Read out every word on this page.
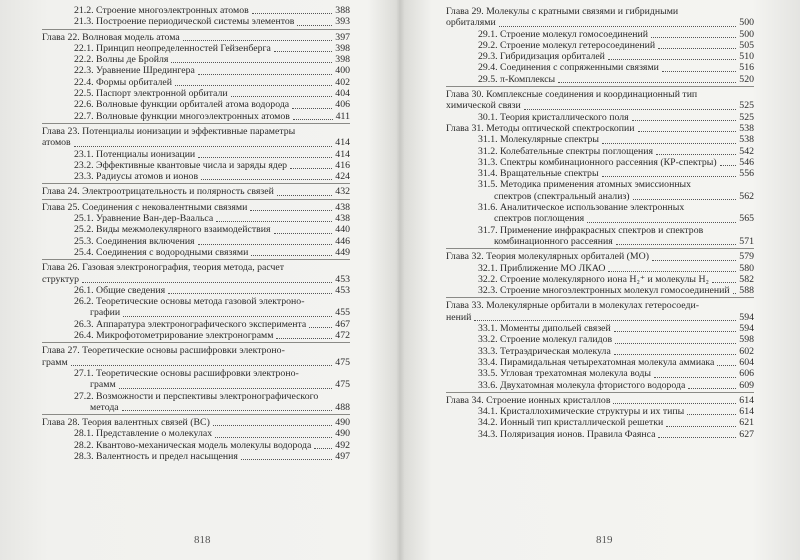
21.2. Строение многоэлектронных атомов	388
21.3. Построение периодической системы элементов	393
Глава 22. Волновая модель атома	397
22.1. Принцип неопределенностей Гейзенберга	398
22.2. Волны де Бройля	398
22.3. Уравнение Шредингера	400
22.4. Формы орбиталей	402
22.5. Паспорт электронной орбитали	404
22.6. Волновые функции орбиталей атома водорода	406
22.7. Волновые функции многоэлектронных атомов	411
Глава 23. Потенциалы ионизации и эффективные параметры
атомов	414
23.1. Потенциалы ионизации	414
23.2. Эффективные квантовые числа и заряды ядер	416
23.3. Радиусы атомов и ионов	424
Глава 24. Электроотрицательность и полярность связей	432
Глава 25. Соединения с нековалентными связями	438
25.1. Уравнение Ван-дер-Ваальса	438
25.2. Виды межмолекулярного взаимодействия	440
25.3. Соединения включения	446
25.4. Соединения с водородными связями	449
Глава 26. Газовая электронография, теория метода, расчет
структур	453
26.1. Общие сведения	453
26.2. Теоретические основы метода газовой электроно-
графии	455
26.3. Аппаратура электронографического эксперимента	467
26.4. Микрофотометрирование электронограмм	472
Глава 27. Теоретические основы расшифровки электроно-
грамм	475
27.1. Теоретические основы расшифровки электроно-
грамм	475
27.2. Возможности и перспективы электронографического
метода	488
Глава 28. Теория валентных связей (ВС)	490
28.1. Представление о молекулах	490
28.2. Квантово-механическая модель молекулы водорода 492
28.3. Валентность и предел насыщения	497
818
Глава 29. Молекулы с кратными связями и гибридными
орбиталями	500
29.1. Строение молекул гомосоединений	500
29.2. Строение молекул гетеросоединений	505
29.3. Гибридизация орбиталей	510
29.4. Соединения с сопряженными связями	516
29.5. π-Комплексы	520
Глава 30. Комплексные соединения и координационный тип
химической связи	525
30.1. Теория кристаллического поля	525
Глава 31. Методы оптической спектроскопии	538
31.1. Молекулярные спектры	538
31.2. Колебательные спектры поглощения	542
31.3. Спектры комбинационного рассеяния (КР-спектры) 546
31.4. Вращательные спектры	556
31.5. Методика применения атомных эмиссионных
спектров (спектральный анализ)	562
31.6. Аналитическое использование электронных
спектров поглощения	565
31.7. Применение инфракрасных спектров и спектров
комбинационного рассеяния	571
Глава 32. Теория молекулярных орбиталей (МО)	579
32.1. Приближение МО ЛКАО	580
32.2. Строение молекулярного иона H₂⁺ и молекулы H₂	582
32.3. Строение многоэлектронных молекул гомосоединений 588
Глава 33. Молекулярные орбитали в молекулах гетеросоеди-
нений	594
33.1. Моменты дипольей связей	594
33.2. Строение молекул галидов	598
33.3. Тетраэдрическая молекула	602
33.4. Пирамидальная четырехатомная молекула аммиака	604
33.5. Угловая трехатомная молекула воды	606
33.6. Двухатомная молекула фтористого водорода	609
Глава 34. Строение ионных кристаллов	614
34.1. Кристаллохимические структуры и их типы	614
34.2. Ионный тип кристаллической решетки	621
34.3. Поляризация ионов. Правила Фаянса	627
819
